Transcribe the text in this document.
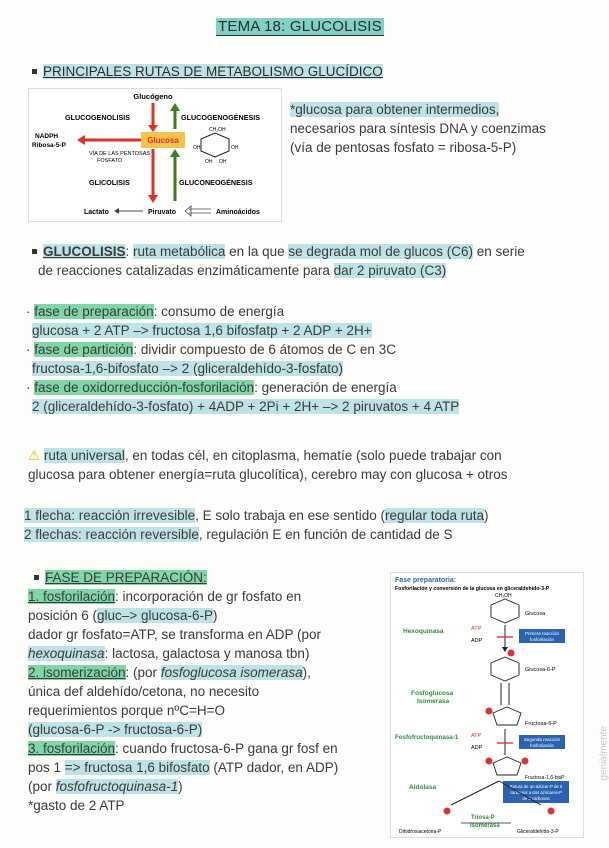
TEMA 18: GLUCOLISIS
PRINCIPALES RUTAS DE METABOLISMO GLUCÍDICO
Glucógeno
GLUCOGENOLISIS	GLUCOGENOGÉNESIS
NADPH
Ribosa-5-P
Glucosa
VÍA DE LAS PENTOSAS
FOSFATO
CH₂OH
OH	OH
OH OH
GLICOLISIS	GLUCONEOGÉNESIS
Lactato	Piruvato	Aminoácidos
*glucosa para obtener intermedios,
necesarios para síntesis DNA y coenzimas
(vía de pentosas fosfato = ribosa-5-P)
GLUCOLISIS: ruta metabólica en la que se degrada mol de glucos (C6) en serie
de reacciones catalizadas enzimáticamente para dar 2 piruvato (C3)
· fase de preparación: consumo de energía
glucosa + 2 ATP –> fructosa 1,6 bifosfatp + 2 ADP + 2H+
· fase de partición: dividir compuesto de 6 átomos de C en 3C
fructosa-1,6-bifosfato –> 2 (gliceraldehído-3-fosfato)
· fase de oxidorreducción-fosforilación: generación de energía
2 (gliceraldehído-3-fosfato) + 4ADP + 2Pi + 2H+ –> 2 piruvatos + 4 ATP
⚠ ruta universal, en todas cél, en citoplasma, hematíe (solo puede trabajar con
glucosa para obtener energía=ruta glucolítica), cerebro may con glucosa + otros
1 flecha: reacción irrevesible, E solo trabaja en ese sentido (regular toda ruta)
2 flechas: reacción reversible, regulación E en función de cantidad de S
FASE DE PREPARACIÓN:
1. fosforilación: incorporación de gr fosfato en
posición 6 (gluc–> glucosa-6-P)
dador gr fosfato=ATP, se transforma en ADP (por
hexoquinasa: lactosa, galactosa y manosa tbn)
2. isomerización: (por fosfoglucosa isomerasa),
única def aldehído/cetona, no necesito
requerimientos porque nºC=H=O
(glucosa-6-P -> fructosa-6-P)
3. fosforilación: cuando fructosa-6-P gana gr fosf en
pos 1 => fructosa 1,6 bifosfato (ATP dador, en ADP)
(por fosfofructoquinasa-1)
*gasto de 2 ATP
Fase preparatoria:
Fosforilación y conversión de la glucosa en gliceraldehído-3-P
CH₂OH
Glucosa
Hexoquinasa	ATP
ADP
Primera reacción
fosforilación
Glucosa-6-P
Fosfoglucosa
Isomerasa
Fructosa-6-P
Fosfofructoquinasa-1 ATP
ADP
Segunda reacción
fosforilación
Fructosa-1,6-bisP
Aldolasa	Rotura de un azúcar-P de 6
carbonos a dos azúcares-P
de 3 carbonos
Triosa-P
Isomerasa
Dihidroxiacetona-P	Gliceraldehído-3-P
genialmente
